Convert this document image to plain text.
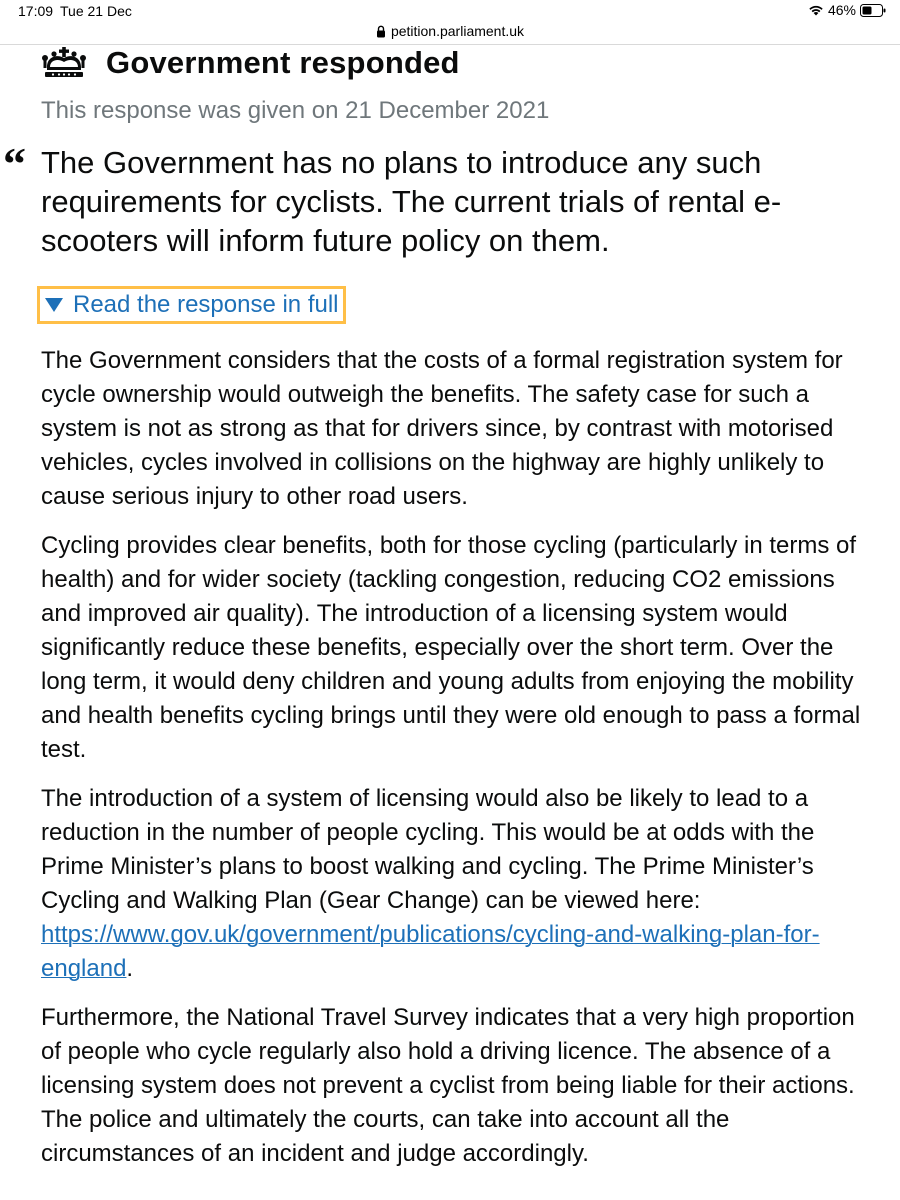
17:09 Tue 21 Dec	46%
petition.parliament.uk
Government responded
This response was given on 21 December 2021
“ The Government has no plans to introduce any such requirements for cyclists. The current trials of rental e-scooters will inform future policy on them.

Read the response in full

The Government considers that the costs of a formal registration system for cycle ownership would outweigh the benefits. The safety case for such a system is not as strong as that for drivers since, by contrast with motorised vehicles, cycles involved in collisions on the highway are highly unlikely to cause serious injury to other road users.

Cycling provides clear benefits, both for those cycling (particularly in terms of health) and for wider society (tackling congestion, reducing CO2 emissions and improved air quality). The introduction of a licensing system would significantly reduce these benefits, especially over the short term. Over the long term, it would deny children and young adults from enjoying the mobility and health benefits cycling brings until they were old enough to pass a formal test.

The introduction of a system of licensing would also be likely to lead to a reduction in the number of people cycling. This would be at odds with the Prime Minister’s plans to boost walking and cycling. The Prime Minister’s Cycling and Walking Plan (Gear Change) can be viewed here: https://www.gov.uk/government/publications/cycling-and-walking-plan-for-england.

Furthermore, the National Travel Survey indicates that a very high proportion of people who cycle regularly also hold a driving licence. The absence of a licensing system does not prevent a cyclist from being liable for their actions. The police and ultimately the courts, can take into account all the circumstances of an incident and judge accordingly.
